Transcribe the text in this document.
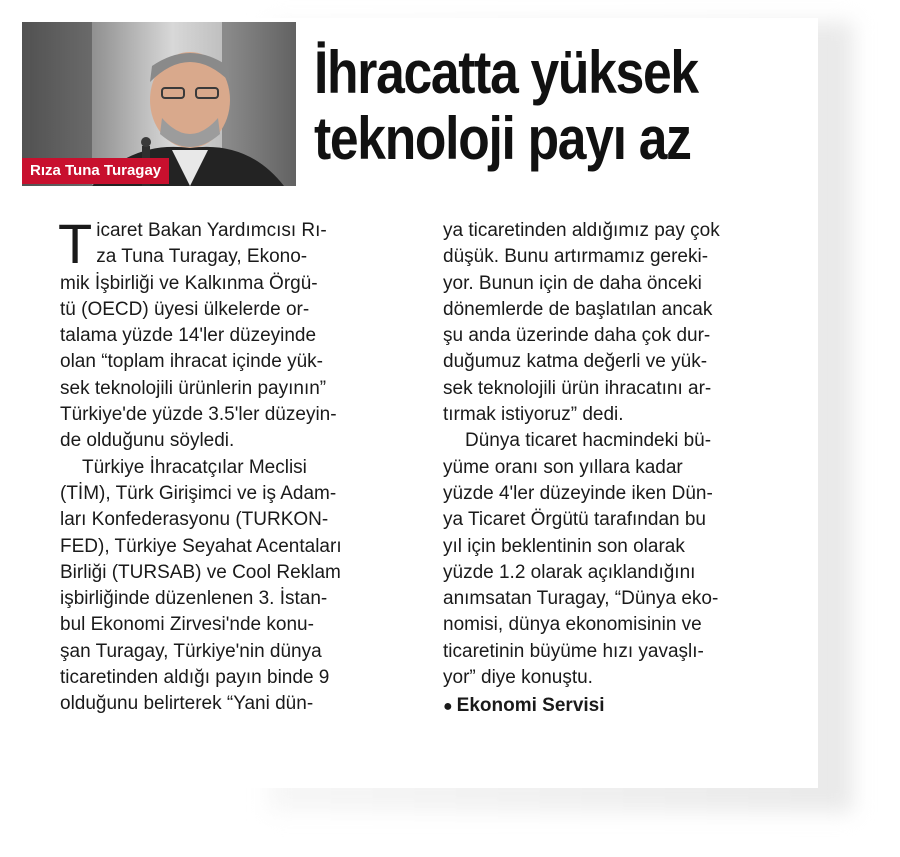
Rıza Tuna Turagay
İhracatta yüksek
teknoloji payı az
T icaret Bakan Yardımcısı Rı-
za Tuna Turagay, Ekono-
mik İşbirliği ve Kalkınma Örgü-
tü (OECD) üyesi ülkelerde or-
talama yüzde 14'ler düzeyinde
olan “toplam ihracat içinde yük-
sek teknolojili ürünlerin payının”
Türkiye'de yüzde 3.5'ler düzeyin-
de olduğunu söyledi.
Türkiye İhracatçılar Meclisi
(TİM), Türk Girişimci ve iş Adam-
ları Konfederasyonu (TURKON-
FED), Türkiye Seyahat Acentaları
Birliği (TURSAB) ve Cool Reklam
işbirliğinde düzenlenen 3. İstan-
bul Ekonomi Zirvesi'nde konu-
şan Turagay, Türkiye'nin dünya
ticaretinden aldığı payın binde 9
olduğunu belirterek “Yani dün-
ya ticaretinden aldığımız pay çok
düşük. Bunu artırmamız gereki-
yor. Bunun için de daha önceki
dönemlerde de başlatılan ancak
şu anda üzerinde daha çok dur-
duğumuz katma değerli ve yük-
sek teknolojili ürün ihracatını ar-
tırmak istiyoruz” dedi.
Dünya ticaret hacmindeki bü-
yüme oranı son yıllara kadar
yüzde 4'ler düzeyinde iken Dün-
ya Ticaret Örgütü tarafından bu
yıl için beklentinin son olarak
yüzde 1.2 olarak açıklandığını
anımsatan Turagay, “Dünya eko-
nomisi, dünya ekonomisinin ve
ticaretinin büyüme hızı yavaşlı-
yor” diye konuştu.
● Ekonomi Servisi
